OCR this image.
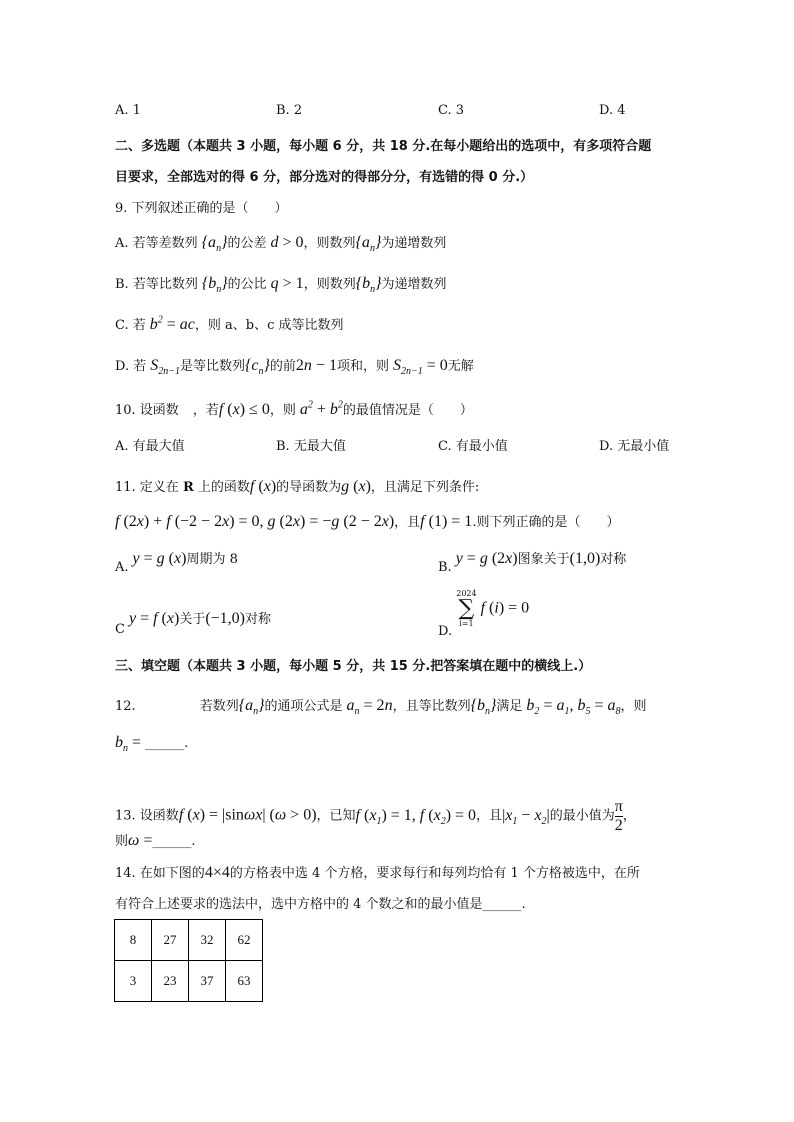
A. 1	B. 2	C. 3	D. 4
二、多选题（本题共 3 小题，每小题 6 分，共 18 分.在每小题给出的选项中，有多项符合题
目要求，全部选对的得 6 分，部分选对的得部分分，有选错的得 0 分.）
9. 下列叙述正确的是（　　）
A. 若等差数列 $\{a_n\}$的公差 d > 0，则数列$\{a_n\}$为递增数列
B. 若等比数列 $\{b_n\}$的公比 q > 1，则数列$\{b_n\}$为递增数列
C. 若 $b^2$ = ac，则 a、b、c 成等比数列
D. 若 $S_{2n-1}$是等比数列$\{c_n\}$的前2n − 1项和，则 $S_{2n-1} = 0$无解
10. 设函数 ，若f (x) ≤ 0，则 $a^2 + b^2$的最值情况是（　　）
A. 有最大值	B. 无最大值	C. 有最小值	D. 无最小值
11. 定义在 R 上的函数f (x)的导函数为g (x)，且满足下列条件:
f (2x) + f (−2 − 2x) = 0, g (2x) = −g (2 − 2x)，且f (1) = 1.则下列正确的是（　　）
A. y = g (x)周期为 8
B. y = g (2x)图象关于(1,0)对称
C y = f (x)关于(−1,0)对称
D.
2024
∑
i=1
f (i) = 0
三、填空题（本题共 3 小题，每小题 5 分，共 15 分.把答案填在题中的横线上.）
12.	若数列$\{a_n\}$的通项公式是 $a_n = 2n$，且等比数列$\{b_n\}$满足 $b_2 = a_1$, $b_5 = a_8$，则
$b_n$ = ______.
13. 设函数f (x) = |sinωx| (ω > 0)，已知f $(x_1) = 1$, f $(x_2) = 0$，且$|x_1 - x_2|$的最小值为 $\frac{\pi}{2}$ ，
则ω =______.
14. 在如下图的4×4的方格表中选 4 个方格，要求每行和每列均恰有 1 个方格被选中，在所
有符合上述要求的选法中，选中方格中的 4 个数之和的最小值是______.
8	27	32	62
3	23	37	63
